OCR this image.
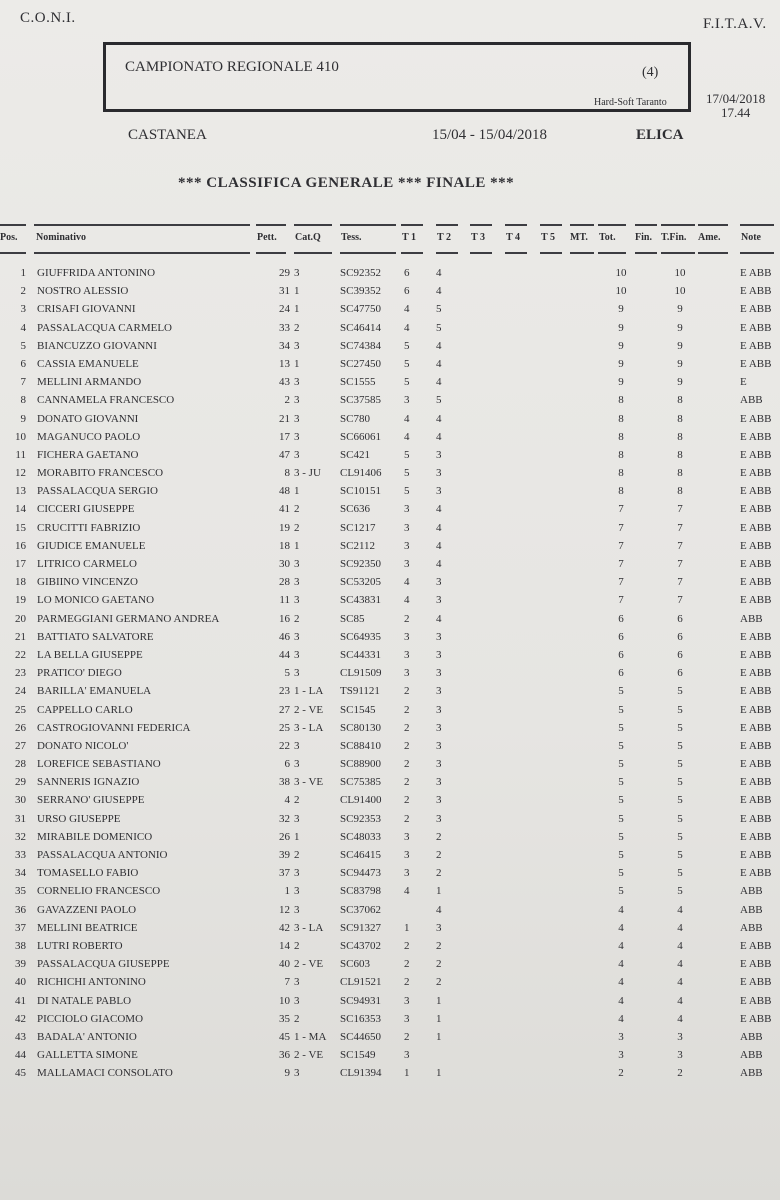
C.O.N.I.	F.I.T.A.V.
CAMPIONATO REGIONALE 410	(4)
Hard-Soft Taranto	17/04/2018
17.44
CASTANEA	15/04 - 15/04/2018	ELICA
*** CLASSIFICA GENERALE *** FINALE ***
Pos. Nominativo	Pett. Cat.Q Tess.	T 1 T 2 T 3 T 4 T 5 MT. Tot. Fin. T.Fin. Ame. Note
1 GIUFFRIDA ANTONINO	29 3	SC92352 6 4	10	10	E ABB
2 NOSTRO ALESSIO	31 1	SC39352 6 4	10	10	E ABB
3 CRISAFI GIOVANNI	24 1	SC47750 4 5	9	9	E ABB
4 PASSALACQUA CARMELO	33 2	SC46414 4 5	9	9	E ABB
5 BIANCUZZO GIOVANNI	34 3	SC74384 5 4	9	9	E ABB
6 CASSIA EMANUELE	13 1	SC27450 5 4	9	9	E ABB
7 MELLINI ARMANDO	43 3	SC1555	5 4	9	9	E
8 CANNAMELA FRANCESCO	2 3	SC37585 3 5	8	8	ABB
9 DONATO GIOVANNI	21 3	SC780	4 4	8	8	E ABB
10 MAGANUCO PAOLO	17 3	SC66061 4 4	8	8	E ABB
11 FICHERA GAETANO	47 3	SC421	5 3	8	8	E ABB
12 MORABITO FRANCESCO	8 3 - JU CL91406 5 3	8	8	E ABB
13 PASSALACQUA SERGIO	48 1	SC10151 5 3	8	8	E ABB
14 CICCERI GIUSEPPE	41 2	SC636	3 4	7	7	E ABB
15 CRUCITTI FABRIZIO	19 2	SC1217	3 4	7	7	E ABB
16 GIUDICE EMANUELE	18 1	SC2112	3 4	7	7	E ABB
17 LITRICO CARMELO	30 3	SC92350 3 4	7	7	E ABB
18 GIBIINO VINCENZO	28 3	SC53205 4 3	7	7	E ABB
19 LO MONICO GAETANO	11 3	SC43831 4 3	7	7	E ABB
20 PARMEGGIANI GERMANO ANDREA	16 2	SC85	2 4	6	6	ABB
21 BATTIATO SALVATORE	46 3	SC64935 3 3	6	6	E ABB
22 LA BELLA GIUSEPPE	44 3	SC44331 3 3	6	6	E ABB
23 PRATICO' DIEGO	5 3	CL91509 3 3	6	6	E ABB
24 BARILLA' EMANUELA	23 1 - LA TS91121 2 3	5	5	E ABB
25 CAPPELLO CARLO	27 2 - VE SC1545	2 3	5	5	E ABB
26 CASTROGIOVANNI FEDERICA	25 3 - LA SC80130 2 3	5	5	E ABB
27 DONATO NICOLO'	22 3	SC88410 2 3	5	5	E ABB
28 LOREFICE SEBASTIANO	6 3	SC88900 2 3	5	5	E ABB
29 SANNERIS IGNAZIO	38 3 - VE SC75385 2 3	5	5	E ABB
30 SERRANO' GIUSEPPE	4 2	CL91400 2 3	5	5	E ABB
31 URSO GIUSEPPE	32 3	SC92353 2 3	5	5	E ABB
32 MIRABILE DOMENICO	26 1	SC48033 3 2	5	5	E ABB
33 PASSALACQUA ANTONIO	39 2	SC46415 3 2	5	5	E ABB
34 TOMASELLO FABIO	37 3	SC94473 3 2	5	5	E ABB
35 CORNELIO FRANCESCO	1 3	SC83798 4 1	5	5	ABB
36 GAVAZZENI PAOLO	12 3	SC37062	4	4	4	ABB
37 MELLINI BEATRICE	42 3 - LA SC91327 1 3	4	4	ABB
38 LUTRI ROBERTO	14 2	SC43702 2 2	4	4	E ABB
39 PASSALACQUA GIUSEPPE	40 2 - VE SC603	2 2	4	4	E ABB
40 RICHICHI ANTONINO	7 3	CL91521 2 2	4	4	E ABB
41 DI NATALE PABLO	10 3	SC94931 3 1	4	4	E ABB
42 PICCIOLO GIACOMO	35 2	SC16353 3 1	4	4	E ABB
43 BADALA' ANTONIO	45 1 - MA SC44650 2 1	3	3	ABB
44 GALLETTA SIMONE	36 2 - VE SC1549	3	3	3	ABB
45 MALLAMACI CONSOLATO	9 3	CL91394 1 1	2	2	ABB
